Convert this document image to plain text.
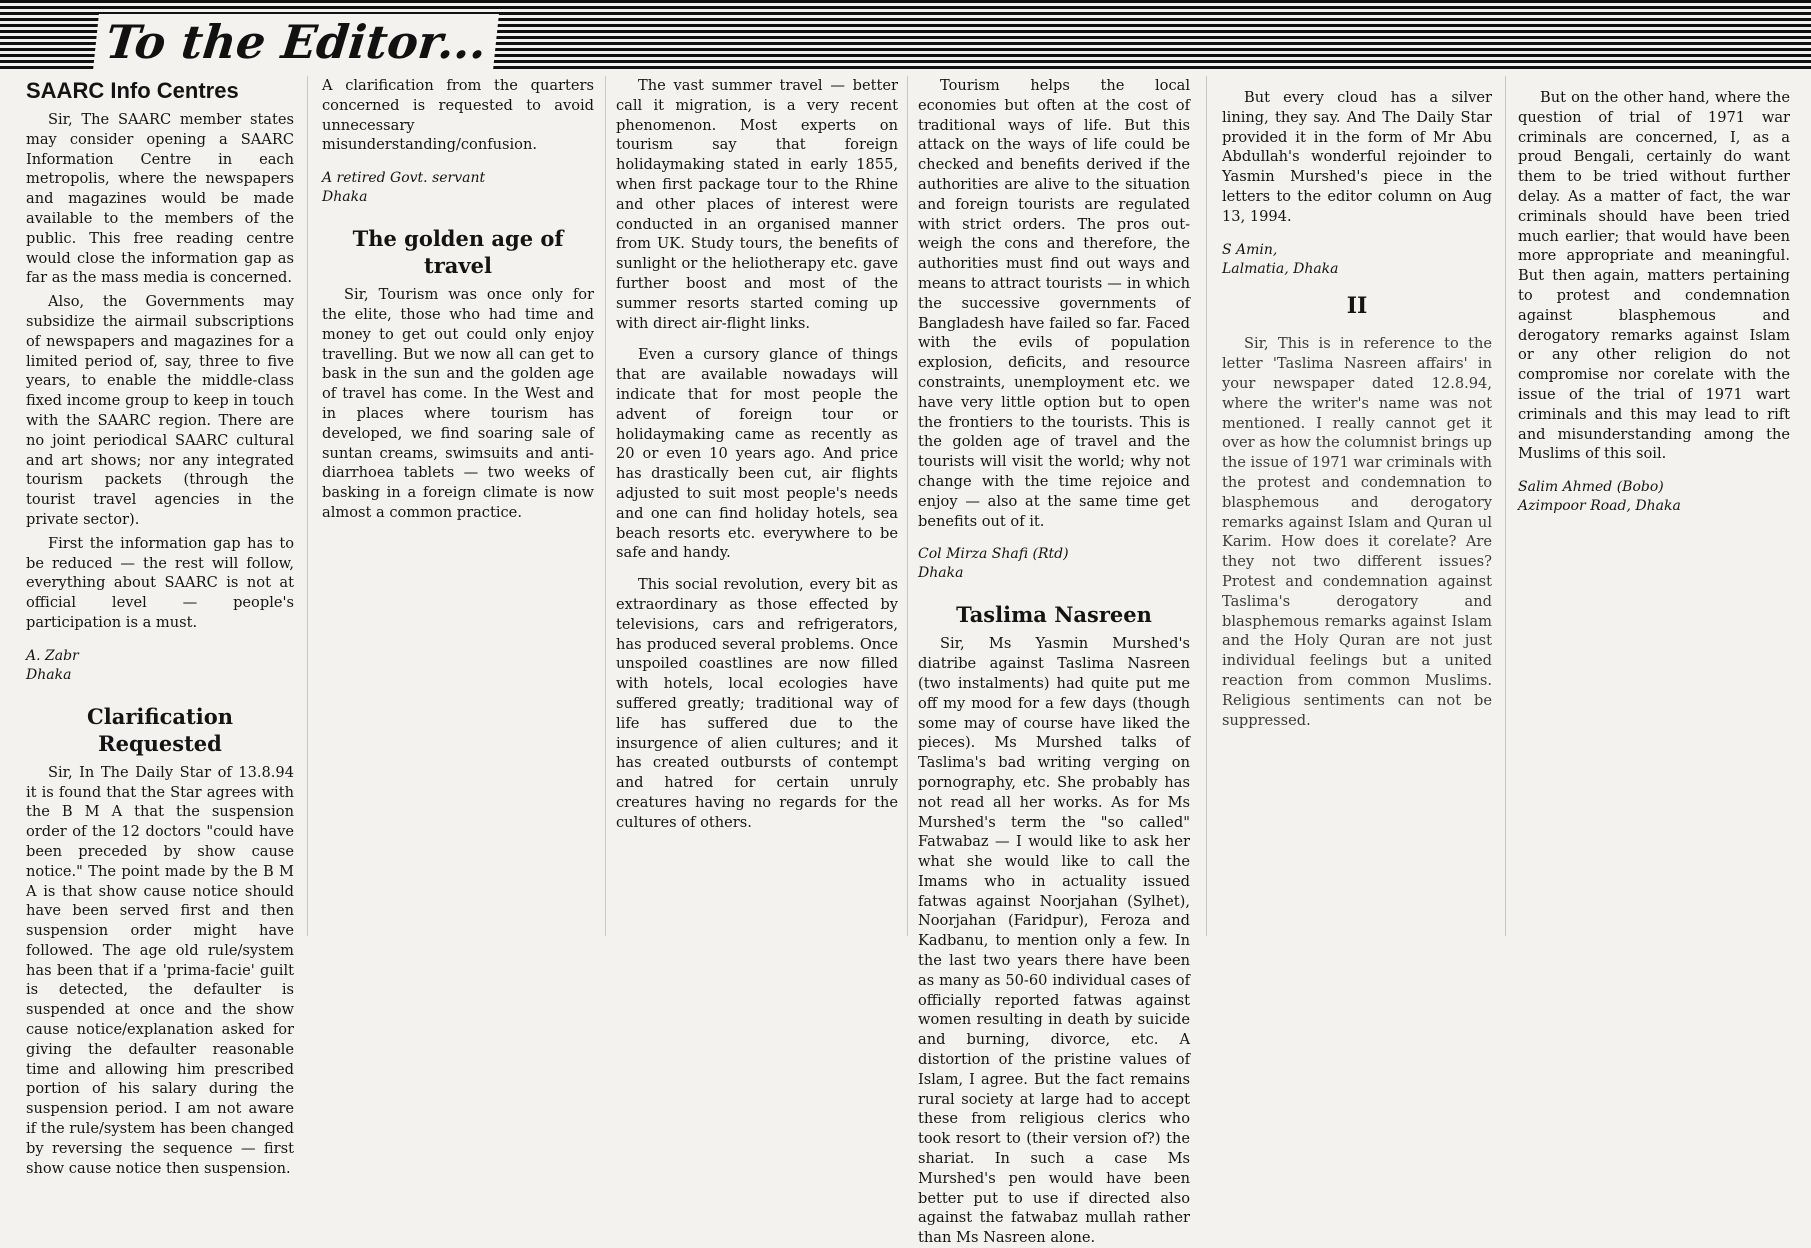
To the Editor...
SAARC Info Centres

Sir, The SAARC member states may consider opening a SAARC Information Centre in each metropolis, where the newspapers and magazines would be made available to the members of the public. This free reading centre would close the information gap as far as the mass media is concerned.

Also, the Governments may subsidize the airmail subscriptions of newspapers and magazines for a limited period of, say, three to five years, to enable the middle-class fixed income group to keep in touch with the SAARC region. There are no joint periodical SAARC cultural and art shows; nor any integrated tourism packets (through the tourist travel agencies in the private sector).

First the information gap has to be reduced — the rest will follow, everything about SAARC is not at official level — people's participation is a must.

A. Zabr
Dhaka
Clarification Requested

Sir, In The Daily Star of 13.8.94 it is found that the Star agrees with the B M A that the suspension order of the 12 doctors "could have been preceded by show cause notice." The point made by the B M A is that show cause notice should have been served first and then suspension order might have followed. The age old rule/system has been that if a 'prima-facie' guilt is detected, the defaulter is suspended at once and the show cause notice/explanation asked for giving the defaulter reasonable time and allowing him prescribed portion of his salary during the suspension period. I am not aware if the rule/system has been changed by reversing the sequence — first show cause notice then suspension.

A clarification from the quarters concerned is requested to avoid unnecessary misunderstanding/confusion.

A retired Govt. servant
Dhaka
The golden age of travel

Sir, Tourism was once only for the elite, those who had time and money to get out could only enjoy travelling. But we now all can get to bask in the sun and the golden age of travel has come. In the West and in places where tourism has developed, we find soaring sale of suntan creams, swimsuits and anti-diarrhoea tablets — two weeks of basking in a foreign climate is now almost a common practice.

The vast summer travel — better call it migration, is a very recent phenomenon. Most experts on tourism say that foreign holidaymaking stated in early 1855, when first package tour to the Rhine and other places of interest were conducted in an organised manner from UK. Study tours, the benefits of sunlight or the heliotherapy etc. gave further boost and most of the summer resorts started coming up with direct air-flight links.

Even a cursory glance of things that are available nowadays will indicate that for most people the advent of foreign tour or holidaymaking came as recently as 20 or even 10 years ago. And price has drastically been cut, air flights adjusted to suit most people's needs and one can find holiday hotels, sea beach resorts etc. everywhere to be safe and handy.

This social revolution, every bit as extraordinary as those effected by televisions, cars and refrigerators, has produced several problems. Once unspoiled coastlines are now filled with hotels, local ecologies have suffered greatly; traditional way of life has suffered due to the insurgence of alien cultures; and it has created outbursts of contempt and hatred for certain unruly creatures having no regards for the cultures of others.

Tourism helps the local economies but often at the cost of traditional ways of life. But this attack on the ways of life could be checked and benefits derived if the authorities are alive to the situation and foreign tourists are regulated with strict orders. The pros out-weigh the cons and therefore, the authorities must find out ways and means to attract tourists — in which the successive governments of Bangladesh have failed so far. Faced with the evils of population explosion, deficits, and resource constraints, unemployment etc. we have very little option but to open the frontiers to the tourists. This is the golden age of travel and the tourists will visit the world; why not change with the time rejoice and enjoy — also at the same time get benefits out of it.

Col Mirza Shafi (Rtd)
Dhaka
Taslima Nasreen

Sir, Ms Yasmin Murshed's diatribe against Taslima Nasreen (two instalments) had quite put me off my mood for a few days (though some may of course have liked the pieces). Ms Murshed talks of Taslima's bad writing verging on pornography, etc. She probably has not read all her works. As for Ms Murshed's term the "so called" Fatwabaz — I would like to ask her what she would like to call the Imams who in actuality issued fatwas against Noorjahan (Sylhet), Noorjahan (Faridpur), Feroza and Kadbanu, to mention only a few. In the last two years there have been as many as 50-60 individual cases of officially reported fatwas against women resulting in death by suicide and burning, divorce, etc. A distortion of the pristine values of Islam, I agree. But the fact remains rural society at large had to accept these from religious clerics who took resort to (their version of?) the shariat. In such a case Ms Murshed's pen would have been better put to use if directed also against the fatwabaz mullah rather than Ms Nasreen alone.

But every cloud has a silver lining, they say. And The Daily Star provided it in the form of Mr Abu Abdullah's wonderful rejoinder to Yasmin Murshed's piece in the letters to the editor column on Aug 13, 1994.

S Amin,
Lalmatia, Dhaka
II

Sir, This is in reference to the letter 'Taslima Nasreen affairs' in your newspaper dated 12.8.94, where the writer's name was not mentioned. I really cannot get it over as how the columnist brings up the issue of 1971 war criminals with the protest and condemnation to blasphemous and derogatory remarks against Islam and Quran ul Karim. How does it corelate? Are they not two different issues? Protest and condemnation against Taslima's derogatory and blasphemous remarks against Islam and the Holy Quran are not just individual feelings but a united reaction from common Muslims. Religious sentiments can not be suppressed.

But on the other hand, where the question of trial of 1971 war criminals are concerned, I, as a proud Bengali, certainly do want them to be tried without further delay. As a matter of fact, the war criminals should have been tried much earlier; that would have been more appropriate and meaningful. But then again, matters pertaining to protest and condemnation against blasphemous and derogatory remarks against Islam or any other religion do not compromise nor corelate with the issue of the trial of 1971 wart criminals and this may lead to rift and misunderstanding among the Muslims of this soil.

Salim Ahmed (Bobo)
Azimpoor Road, Dhaka
